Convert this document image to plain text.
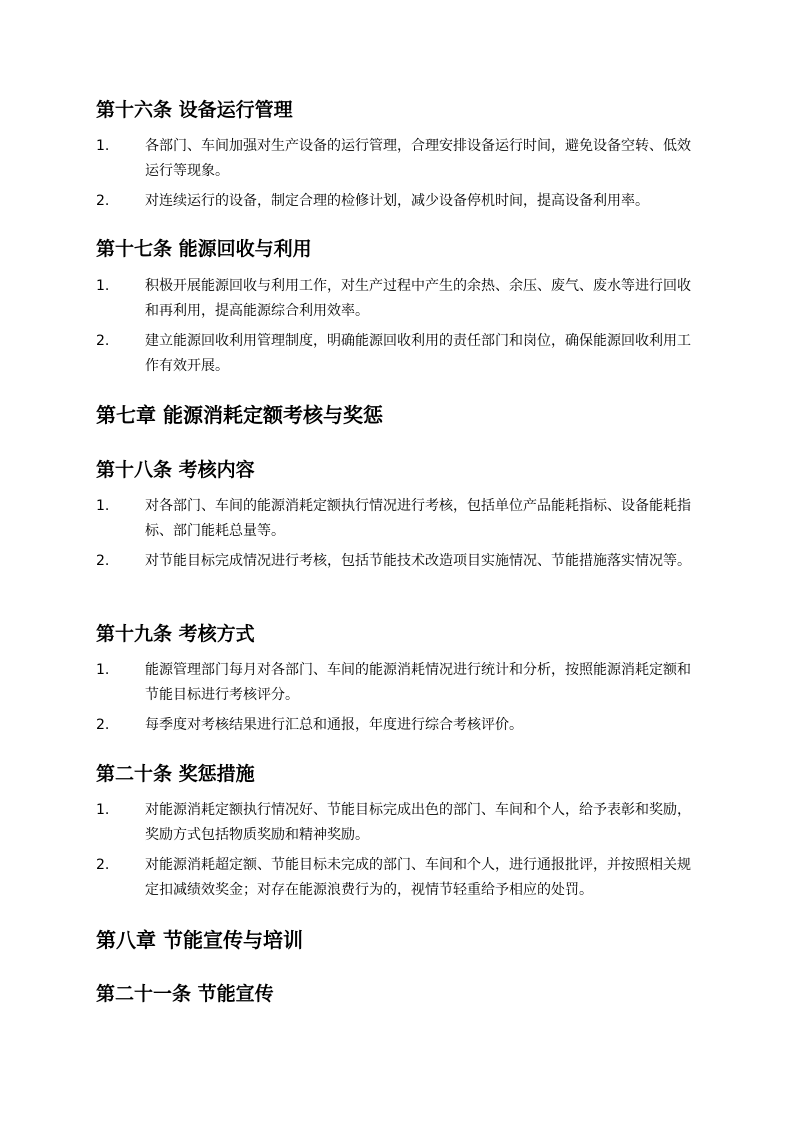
第十六条 设备运行管理
1.	各部门、车间加强对生产设备的运行管理，合理安排设备运行时间，避免设备空转、低效运行等现象。
2.	对连续运行的设备，制定合理的检修计划，减少设备停机时间，提高设备利用率。
第十七条 能源回收与利用
1.	积极开展能源回收与利用工作，对生产过程中产生的余热、余压、废气、废水等进行回收和再利用，提高能源综合利用效率。
2.	建立能源回收利用管理制度，明确能源回收利用的责任部门和岗位，确保能源回收利用工作有效开展。
第七章 能源消耗定额考核与奖惩
第十八条 考核内容
1.	对各部门、车间的能源消耗定额执行情况进行考核，包括单位产品能耗指标、设备能耗指标、部门能耗总量等。
2.	对节能目标完成情况进行考核，包括节能技术改造项目实施情况、节能措施落实情况等。
第十九条 考核方式
1.	能源管理部门每月对各部门、车间的能源消耗情况进行统计和分析，按照能源消耗定额和节能目标进行考核评分。
2.	每季度对考核结果进行汇总和通报，年度进行综合考核评价。
第二十条 奖惩措施
1.	对能源消耗定额执行情况好、节能目标完成出色的部门、车间和个人，给予表彰和奖励，奖励方式包括物质奖励和精神奖励。
2.	对能源消耗超定额、节能目标未完成的部门、车间和个人，进行通报批评，并按照相关规定扣减绩效奖金；对存在能源浪费行为的，视情节轻重给予相应的处罚。
第八章 节能宣传与培训
第二十一条 节能宣传
